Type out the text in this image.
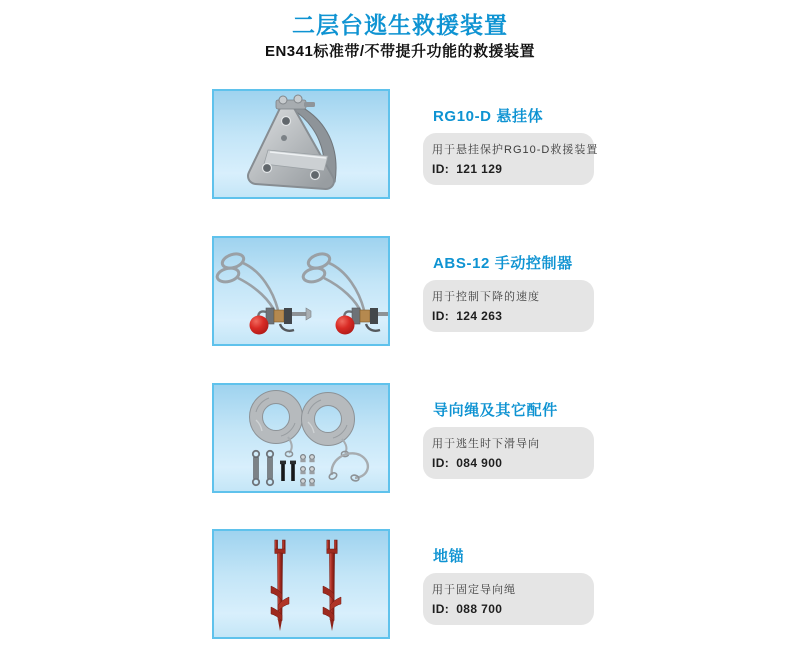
二层台逃生救援装置
EN341标准带/不带提升功能的救援装置
RG10-D 悬挂体

用于悬挂保护RG10-D救援装置

ID: 121 129

ABS-12 手动控制器

用于控制下降的速度

ID: 124 263

导向绳及其它配件

用于逃生时下滑导向

ID: 084 900

地锚

用于固定导向绳

ID: 088 700
